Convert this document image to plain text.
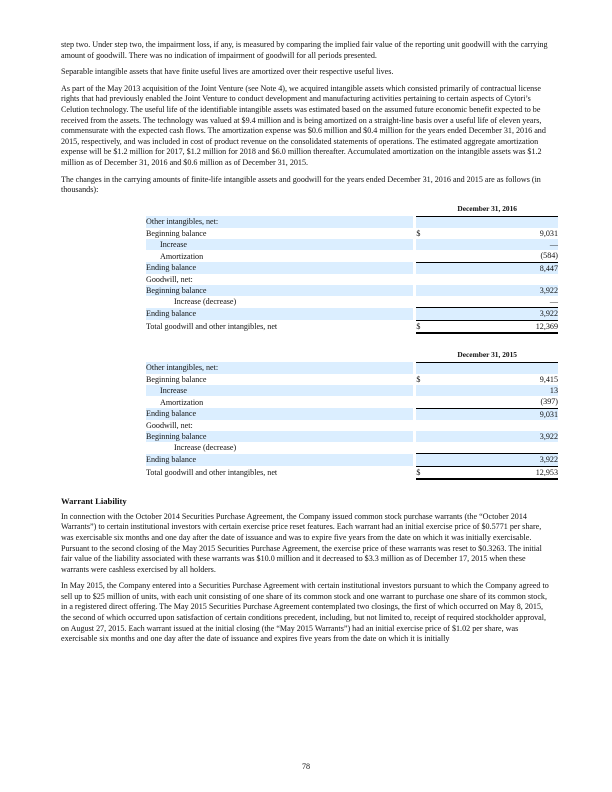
step two. Under step two, the impairment loss, if any, is measured by comparing the implied fair value of the reporting unit goodwill with the carrying amount of goodwill. There was no indication of impairment of goodwill for all periods presented.

Separable intangible assets that have finite useful lives are amortized over their respective useful lives.

As part of the May 2013 acquisition of the Joint Venture (see Note 4), we acquired intangible assets which consisted primarily of contractual license rights that had previously enabled the Joint Venture to conduct development and manufacturing activities pertaining to certain aspects of Cytori’s Celution technology. The useful life of the identifiable intangible assets was estimated based on the assumed future economic benefit expected to be received from the assets. The technology was valued at $9.4 million and is being amortized on a straight-line basis over a useful life of eleven years, commensurate with the expected cash flows. The amortization expense was $0.6 million and $0.4 million for the years ended December 31, 2016 and 2015, respectively, and was included in cost of product revenue on the consolidated statements of operations. The estimated aggregate amortization expense will be $1.2 million for 2017, $1.2 million for 2018 and $6.0 million thereafter. Accumulated amortization on the intangible assets was $1.2 million as of December 31, 2016 and $0.6 million as of December 31, 2015.

The changes in the carrying amounts of finite-life intangible assets and goodwill for the years ended December 31, 2016 and 2015 are as follows (in thousands):

		December 31, 2016	
Other intangibles, net:			
Beginning balance		$	9,031
Increase			—
Amortization			(584)
Ending balance			8,447
Goodwill, net:			
Beginning balance			3,922
Increase (decrease)			—
Ending balance			3,922
Total goodwill and other intangibles, net		$	12,369
		December 31, 2015	
Other intangibles, net:			
Beginning balance		$	9,415
Increase			13
Amortization			(397)
Ending balance			9,031
Goodwill, net:			
Beginning balance			3,922
Increase (decrease)			
Ending balance			3,922
Total goodwill and other intangibles, net		$	12,953
Warrant Liability

In connection with the October 2014 Securities Purchase Agreement, the Company issued common stock purchase warrants (the “October 2014 Warrants”) to certain institutional investors with certain exercise price reset features. Each warrant had an initial exercise price of $0.5771 per share, was exercisable six months and one day after the date of issuance and was to expire five years from the date on which it was initially exercisable. Pursuant to the second closing of the May 2015 Securities Purchase Agreement, the exercise price of these warrants was reset to $0.3263. The initial fair value of the liability associated with these warrants was $10.0 million and it decreased to $3.3 million as of December 17, 2015 when these warrants were cashless exercised by all holders.

In May 2015, the Company entered into a Securities Purchase Agreement with certain institutional investors pursuant to which the Company agreed to sell up to $25 million of units, with each unit consisting of one share of its common stock and one warrant to purchase one share of its common stock, in a registered direct offering. The May 2015 Securities Purchase Agreement contemplated two closings, the first of which occurred on May 8, 2015, the second of which occurred upon satisfaction of certain conditions precedent, including, but not limited to, receipt of required stockholder approval, on August 27, 2015. Each warrant issued at the initial closing (the “May 2015 Warrants”) had an initial exercise price of $1.02 per share, was exercisable six months and one day after the date of issuance and expires five years from the date on which it is initially

78
